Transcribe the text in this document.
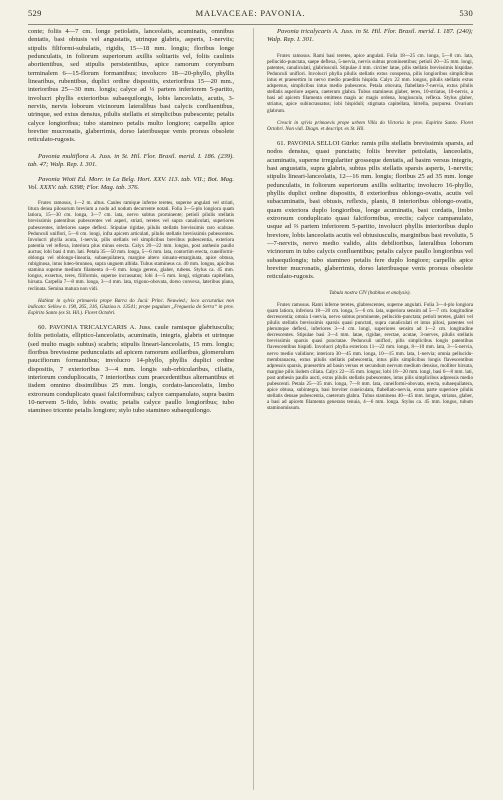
529	MALVACEAE: PAVONIA.	530

conte; foliis 4—7 cm. longe petiolatis, lanceolatis, acuminatis, omnibus dentatis, basi obtusis vel angustatis, utrinque glabris, asperis, 1-nerviis; stipulis filiformi-subulatis, rigidis, 15—18 mm. longis; floribus longe pedunculatis, in foliorum superiorum axillis solitariis vel, foliis caulinis abortientibus, sed stipulis persistentibus, apice ramorum corymbum terminalem 6—15-florum formantibus; involucro 18—20-phyllo, phyllis linearibus, rubentibus, duplici ordine dispositis, exterioribus 15—20 mm., interioribus 25—30 mm. longis; calyce ad ⅓ partem inferiorem 5-partito, involucri phyllis exterioribus subaequilongis, lobis lanceolatis, acutis, 3-nerviis, nervis loborum vicinorum lateralibus basi calycis confluentibus, utrinque, sed extus densius, pilulis stellatis et simplicibus pubescente; petalis calyce longioribus; tubo stamineo petalis multo longiore; carpellis apice breviter mucronatis, glaberrimis, dorso lateribusque venis prorsus obsolete reticulato-rugosis.

Pavonia multiflora A. Juss. in St. Hil. Flor. Brasil. merid. I. 186. (239). tab. 47; Walp. Rep. I. 301.

Pavonia Wioti Ed. Morr. in La Belg. Hort. XXV. 113. tab. VII.; Bot. Mag. Vol. XXXV. tab. 6398; Flor. Mag. tab. 376.

Frutex ramosus, 1—2 m. altus. Caules ramique inferne teretes, superne angulati vel striati, litura densa pilosorum brevium a nodo ad nodum decurrente notati. Folia 3—5-plo longiora quam latiora, 15—30 cm. longa, 3—7 cm. lata, nervo subtus prominente; petioli pilulis stellatis brevissimis patentibus pubescentes vel asperi, striati, teretes vel supra canaliculati, superiores pubescentes, inferiores saepe deflexi. Stipulae rigidae, pilulis stellatis brevissimis raro scabrae. Pedunculi uniflori, 5—8 cm. longi, infra apicem articulati, pilulis stellatis brevissimis pubescentes. Involucri phylla acuta, 1-nervia, pilis stellatis vel simplicibus brevibus pubescentia, exteriora patentia vel reflexa, interiora plus minus erecta. Calyx 20—22 mm. longus, post anthesin paullo auctus; lobi basi 4 mm. lati. Petala 35—50 mm. longa, 5—6 mm. lata, contortim erecta, cuneiformi-oblonga vel oblongo-linearia, subaequilatera, margine altero sinuato-emarginata, apice obtusa, rubiginosa, intus luteo-brunnea, supra unguem albida. Tubus stamineus ca. 40 mm. longus, apicibus stamina superne medium filamenta 4—6 mm. longa gerens, glaber, rubens. Stylus ca. 45 mm. longus, exsertus, teres, filiformis, superne incrassatus; lobi 4—5 mm. longi, stigmata capitellata, hirsuta. Carpella 7—8 mm. longa, 3—4 mm. lata, trigono-obovata, dorso convexa, lateribus plana, reclinata. Semina matura non vidi.

Habitat in sylvis primaevis prope Barra do Jucú: Princ. Neuwied.; loco accuratius non indicato: Sellow n. 190, 265, 316, Glaziou n. 13541; prope pagulum „Freguezia do Serra“ in prov. Espirito Santo (ex St. Hil.). Floret Octobri.

60. PAVONIA TRICALYCARIS A. Juss. caule ramisque glabriusculis; foliis petiolatis, elliptico-lanceolatis, acuminatis, integris, glabris et utrinque (sed multo magis subtus) scabris; stipulis lineari-lanceolatis, 15 mm. longis; floribus brevissime pedunculatis ad apicem ramorum axillaribus, glomerulum paucifiorum formantibus; involucro 14-phyllo, phyllis duplici ordine dispositis, 7 exterioribus 3—4 mm. longis sub-orbicularibus, ciliatis, interiorum condupliocatis, 7 interioribus cum praecedentibus alternantibus et iisdem omnino dissimilibus 25 mm. longis, cordato-lanceolatis, limbo extrorsum conduplicato quasi falciformibus; calyce campanulato, supra basim 10-nervem 5-fido, lobis ovatis; petalis calyce paullo longioribus; tubo stamineo tricente petalis longiore; stylo tubo stamineo subaequilongo.

Pavonia tricalycaris A. Juss. in St. Hil. Flor. Brasil. merid. I. 187. (240); Walp. Rep. I. 301.

Frutex ramosus. Rami basi teretes, apice angulati. Folia 18—25 cm. longa, 5—8 cm. lata, pellucido-punctata, saepe deflexa, 5-nervia, nervis subtus prominentibus; petioli 20—35 mm. longi, patentes, canaliculati, glabriusculi. Stipulae 4 mm. circiter latae, pilis stellatis brevissimis hispidae. Pedunculi uniflori. Involucri phylla pilulis stellatis extus conspersa, pilis longioribus simplicibus intus et praesertim in nervo medio praeditis hispida. Calyx 22 mm. longus, pilulis stellatis extus adspersus, simplicibus intus medio pubescens. Petala obovata, flabellato-7-nervia, extus pilulis stellatis asperiore aspera, caeterum glabra. Tubus stamineus glaber, teres, 10-striatus, 10-nervis, a basi ad apicem filamenta emittens magis ac magis ordena, longiuscula, reflexa. Stylus glaber, striatus, apice subincrassatus; lobi hispiduli; stigmata capitellata, hirtella, purpurea. Ovarium glabrum.

Crescit in sylvis primaevis prope urbem Villa do Victoria in prov. Espirito Santo. Floret Octobri. Non vidi. Diagn. et descript. ex St. Hil.

61. PAVONIA SELLOI Gürke: ramis pilis stellatis brevissimis sparsis, ad nodos densius, quasi punctatis; foliis breviter petiolatis, lanceolatis, acuminatis, superne irregulariter grosseque dentatis, ad basim versus integris, basi angustatis, supra glabris, subtus pilis stellatis sparsis asperis, 1-nerviis; stipulis lineari-lanceolatis, 12—16 mm. longis; floribus 25 ad 35 mm. longe pedunculatis, in foliorum superiorum axillis solitariis; involucro 16-phyllo, phyllis duplici ordine dispositis, 8 exterioribus oblongo-ovatis, acutis vel subacuminatis, basi obtusis, reflexis, planis, 8 interioribus oblongo-ovatis, quam exteriora duplo longioribus, longe acuminatis, basi cordatis, limbo extrorsum conduplicato quasi falciformibus, erectis; calyce campanulato, usque ad ⅔ partem inferiorem 5-partito, involucri phyllis interioribus duplo breviore, lobis lanceolatis acutis vel obtusiusculis, marginibus basi revolutis, 5—7-nerviis, nervo medio valido, aliis debilioribus, lateralibus loborum vicinorum in tubo calycis confluentibus; petalis calyce paullo longioribus vel subaequilongis; tubo stamineo petalis fere duplo longiore; carpellis apice breviter mucronatis, glaberrimis, dorso lateribusque venis prorsus obsolete reticulato-rugosis.

Tabula nostra CIV (habitus et analysis).

Frutex ramosus. Rami inferne teretes, glabrescentes, superne angulati. Folia 3—4-plo longiora quam latiora, inferiora 18—20 cm. longa, 5—6 cm. lata, superiora sensim ad 5—7 cm. longitudine decrescentia; omnia 1-nervia, nervo subtus prominente, pellucido-punctata; petioli teretes, glabri vel pilulis stellatis brevissimis sparsis quasi punctati, supra canaliculati et intus pilosi, patentes vel plerumque deflexi, inferiores 3—4 cm. longi, superiores sensim ad 1—2 cm. longitudine decrescentes. Stipulae basi 3—4 mm. latae, rigidae, erectae, acutae, 3-nerves, pilulis stellatis brevissimis sparsis quasi punctatae. Pedunculi uniflori, pilis simplicibus longis patentibus flavescentibus hispidi. Involucri phylla exteriora 11—22 mm. longa, 8—10 mm. lata, 3—5-nervia, nervo medio validiore; interiora 30—45 mm. longa, 10—15 mm. lata, 1-nervia; omnia pellucido-membranacea, extus pilulis stellatis pubescentia, intus pilis simplicibus longis flavescentibus adpressis sparsis, praesertim ad basin versus et secundum nervum medium densius, molliter hirsuta, margine pilis iisdem ciliata. Calyx 22—35 mm. longus; lobi 18—20 mm. longi, basi 6—8 mm. lati, post anthesin paullo aucti, extus pilulis stellatis pubescentes, intus pilis simplicibus adpressis medio pubescenti. Petala 25—35 mm. longa, 7—8 mm. lata, cuneiformi-obovata, erecta, subaequilatera, apice obtusa, subintegra, basi breviter cuneiculata, flabellato-nervia, extus parte superiore pilulis stellatis densae pubescentia, caeterum glabra. Tubus stamineus 40—45 mm. longus, striatus, glaber, a basi ad apicem filamenta generans tenuia, 4—6 mm. longa. Stylus ca. 45 mm. longus, tubum staminomissum.
